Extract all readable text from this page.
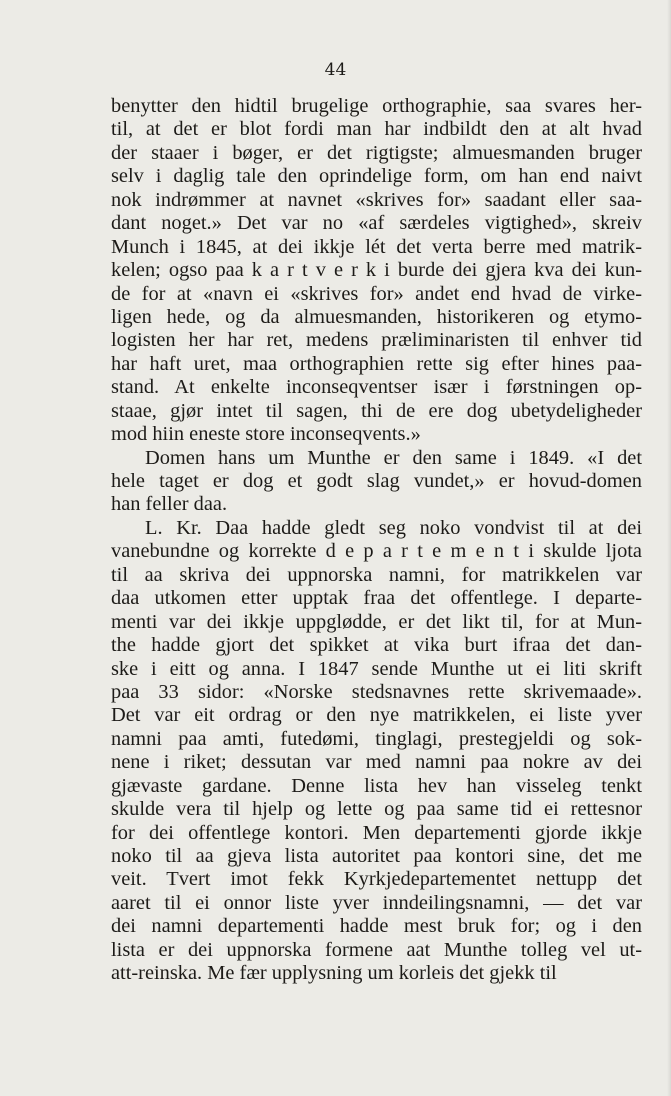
44
benytter den hidtil brugelige orthographie, saa svares her-
til, at det er blot fordi man har indbildt den at alt hvad
der staaer i bøger, er det rigtigste; almuesmanden bruger
selv i daglig tale den oprindelige form, om han end naivt
nok indrømmer at navnet «skrives for» saadant eller saa-
dant noget.» Det var no «af særdeles vigtighed», skreiv
Munch i 1845, at dei ikkje lét det verta berre med matrik-
kelen; ogso paa k a r t v e r k i burde dei gjera kva dei kun-
de for at «navn ei «skrives for» andet end hvad de virke-
ligen hede, og da almuesmanden, historikeren og etymo-
logisten her har ret, medens præliminaristen til enhver tid
har haft uret, maa orthographien rette sig efter hines paa-
stand. At enkelte inconseqventser især i førstningen op-
staae, gjør intet til sagen, thi de ere dog ubetydeligheder
mod hiin eneste store inconseqvents.»
Domen hans um Munthe er den same i 1849. «I det
hele taget er dog et godt slag vundet,» er hovud-domen
han feller daa.
L. Kr. Daa hadde gledt seg noko vondvist til at dei
vanebundne og korrekte d e p a r t e m e n t i skulde ljota
til aa skriva dei uppnorska namni, for matrikkelen var
daa utkomen etter upptak fraa det offentlege. I departe-
menti var dei ikkje uppglødde, er det likt til, for at Mun-
the hadde gjort det spikket at vika burt ifraa det dan-
ske i eitt og anna. I 1847 sende Munthe ut ei liti skrift
paa 33 sidor: «Norske stedsnavnes rette skrivemaade».
Det var eit ordrag or den nye matrikkelen, ei liste yver
namni paa amti, futedømi, tinglagi, prestegjeldi og sok-
nene i riket; dessutan var med namni paa nokre av dei
gjævaste gardane. Denne lista hev han visseleg tenkt
skulde vera til hjelp og lette og paa same tid ei rettesnor
for dei offentlege kontori. Men departementi gjorde ikkje
noko til aa gjeva lista autoritet paa kontori sine, det me
veit. Tvert imot fekk Kyrkjedepartementet nettupp det
aaret til ei onnor liste yver inndeilingsnamni, — det var
dei namni departementi hadde mest bruk for; og i den
lista er dei uppnorska formene aat Munthe tolleg vel ut-
att-reinska. Me fær upplysning um korleis det gjekk til
